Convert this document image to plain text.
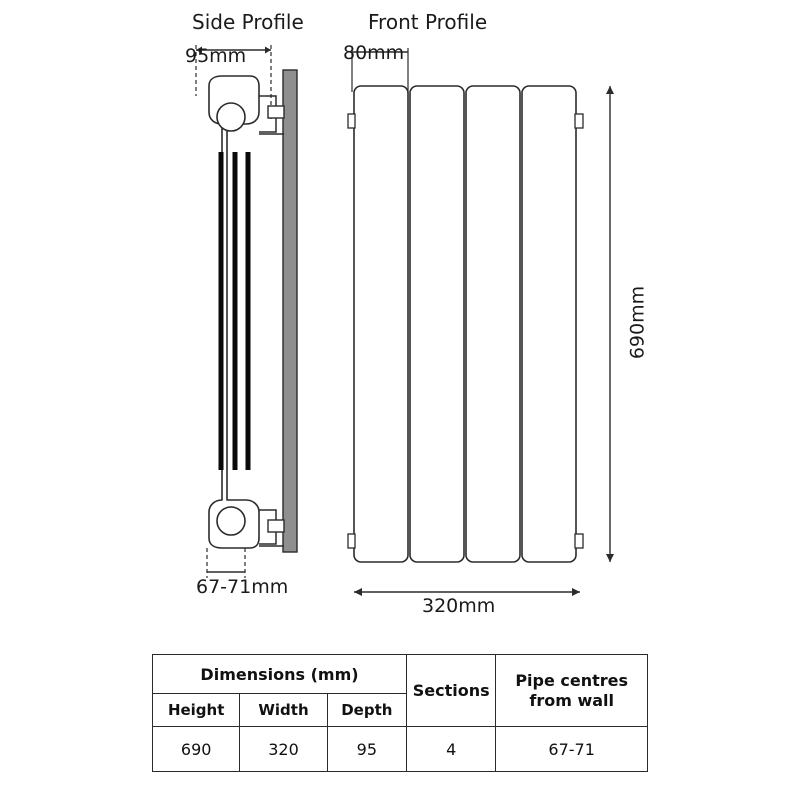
Side Profile	Front Profile
95mm
67-71mm
80mm
690mm
320mm
Dimensions (mm)			Sections	Pipe centres from wall
Height	Width	Depth		
690	320	95	4	67-71
